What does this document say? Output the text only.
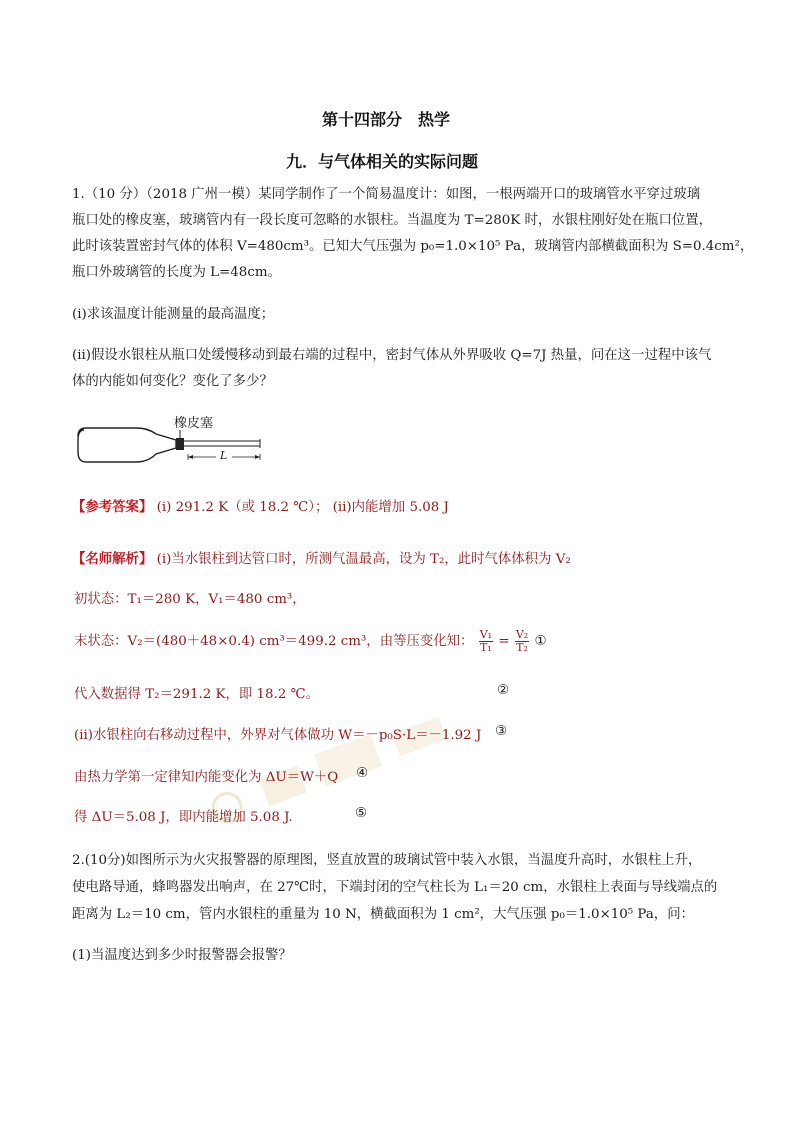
第十四部分　热学
九．与气体相关的实际问题
1.（10 分）（2018 广州一模）某同学制作了一个简易温度计：如图，一根两端开口的玻璃管水平穿过玻璃
瓶口处的橡皮塞，玻璃管内有一段长度可忽略的水银柱。当温度为 T=280K 时，水银柱刚好处在瓶口位置，
此时该装置密封气体的体积 V=480cm³。已知大气压强为 p₀=1.0×10⁵ Pa，玻璃管内部横截面积为 S=0.4cm²，
瓶口外玻璃管的长度为 L=48cm。
(i)求该温度计能测量的最高温度；
(ii)假设水银柱从瓶口处缓慢移动到最右端的过程中，密封气体从外界吸收 Q=7J 热量，问在这一过程中该气
体的内能如何变化？变化了多少？
橡皮塞
L
【参考答案】 (i) 291.2 K（或 18.2 ℃）； (ii)内能增加 5.08 J
【名师解析】 (i)当水银柱到达管口时，所测气温最高，设为 T₂，此时气体体积为 V₂
初状态：T₁＝280 K，V₁＝480 cm³，
末状态：V₂＝(480＋48×0.4) cm³＝499.2 cm³，由等压变化知： $\frac{\text{V₁}}{\text{T₁}} = \frac{\text{V₂}}{\text{T₂}}$ ①
代入数据得 T₂＝291.2 K，即 18.2 ℃。	②
(ii)水银柱向右移动过程中，外界对气体做功 W＝－p₀S·L＝－1.92 J ③
由热力学第一定律知内能变化为 ΔU＝W＋Q ④
得 ΔU＝5.08 J，即内能增加 5.08 J.	⑤
2.(10分)如图所示为火灾报警器的原理图，竖直放置的玻璃试管中装入水银，当温度升高时，水银柱上升，
使电路导通，蜂鸣器发出响声，在 27℃时，下端封闭的空气柱长为 L₁＝20 cm，水银柱上表面与导线端点的
距离为 L₂＝10 cm，管内水银柱的重量为 10 N，横截面积为 1 cm²，大气压强 p₀＝1.0×10⁵ Pa，问：
(1)当温度达到多少时报警器会报警？
